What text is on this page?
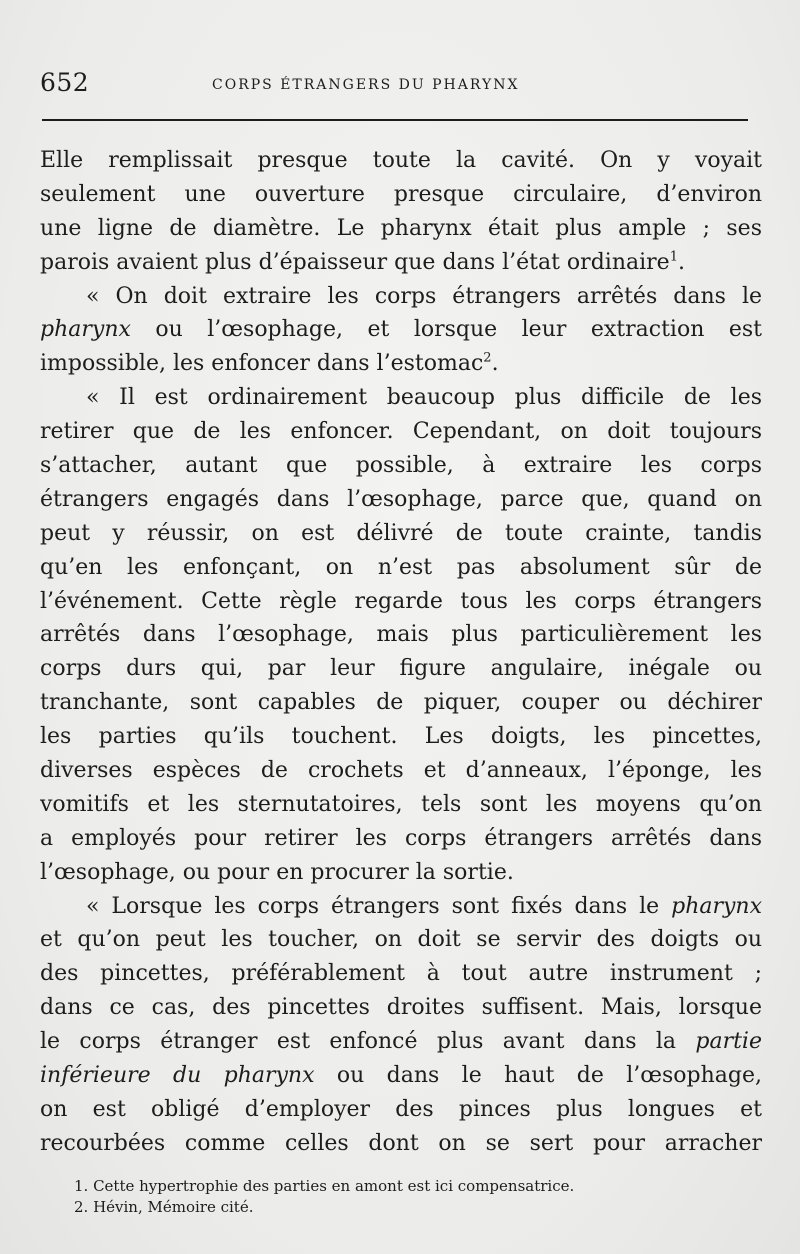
652	CORPS ÉTRANGERS DU PHARYNX
Elle remplissait presque toute la cavité. On y voyait
seulement une ouverture presque circulaire, d’environ
une ligne de diamètre. Le pharynx était plus ample ; ses
parois avaient plus d’épaisseur que dans l’état ordinaire$^1$.
« On doit extraire les corps étrangers arrêtés dans le
pharynx ou l’œsophage, et lorsque leur extraction est
impossible, les enfoncer dans l’estomac$^2$.
« Il est ordinairement beaucoup plus difficile de les
retirer que de les enfoncer. Cependant, on doit toujours
s’attacher, autant que possible, à extraire les corps
étrangers engagés dans l’œsophage, parce que, quand on
peut y réussir, on est délivré de toute crainte, tandis
qu’en les enfonçant, on n’est pas absolument sûr de
l’événement. Cette règle regarde tous les corps étrangers
arrêtés dans l’œsophage, mais plus particulièrement les
corps durs qui, par leur figure angulaire, inégale ou
tranchante, sont capables de piquer, couper ou déchirer
les parties qu’ils touchent. Les doigts, les pincettes,
diverses espèces de crochets et d’anneaux, l’éponge, les
vomitifs et les sternutatoires, tels sont les moyens qu’on
a employés pour retirer les corps étrangers arrêtés dans
l’œsophage, ou pour en procurer la sortie.
« Lorsque les corps étrangers sont fixés dans le pharynx
et qu’on peut les toucher, on doit se servir des doigts ou
des pincettes, préférablement à tout autre instrument ;
dans ce cas, des pincettes droites suffisent. Mais, lorsque
le corps étranger est enfoncé plus avant dans la partie
inférieure du pharynx ou dans le haut de l’œsophage,
on est obligé d’employer des pinces plus longues et
recourbées comme celles dont on se sert pour arracher
1. Cette hypertrophie des parties en amont est ici compensatrice.
2. Hévin, Mémoire cité.
